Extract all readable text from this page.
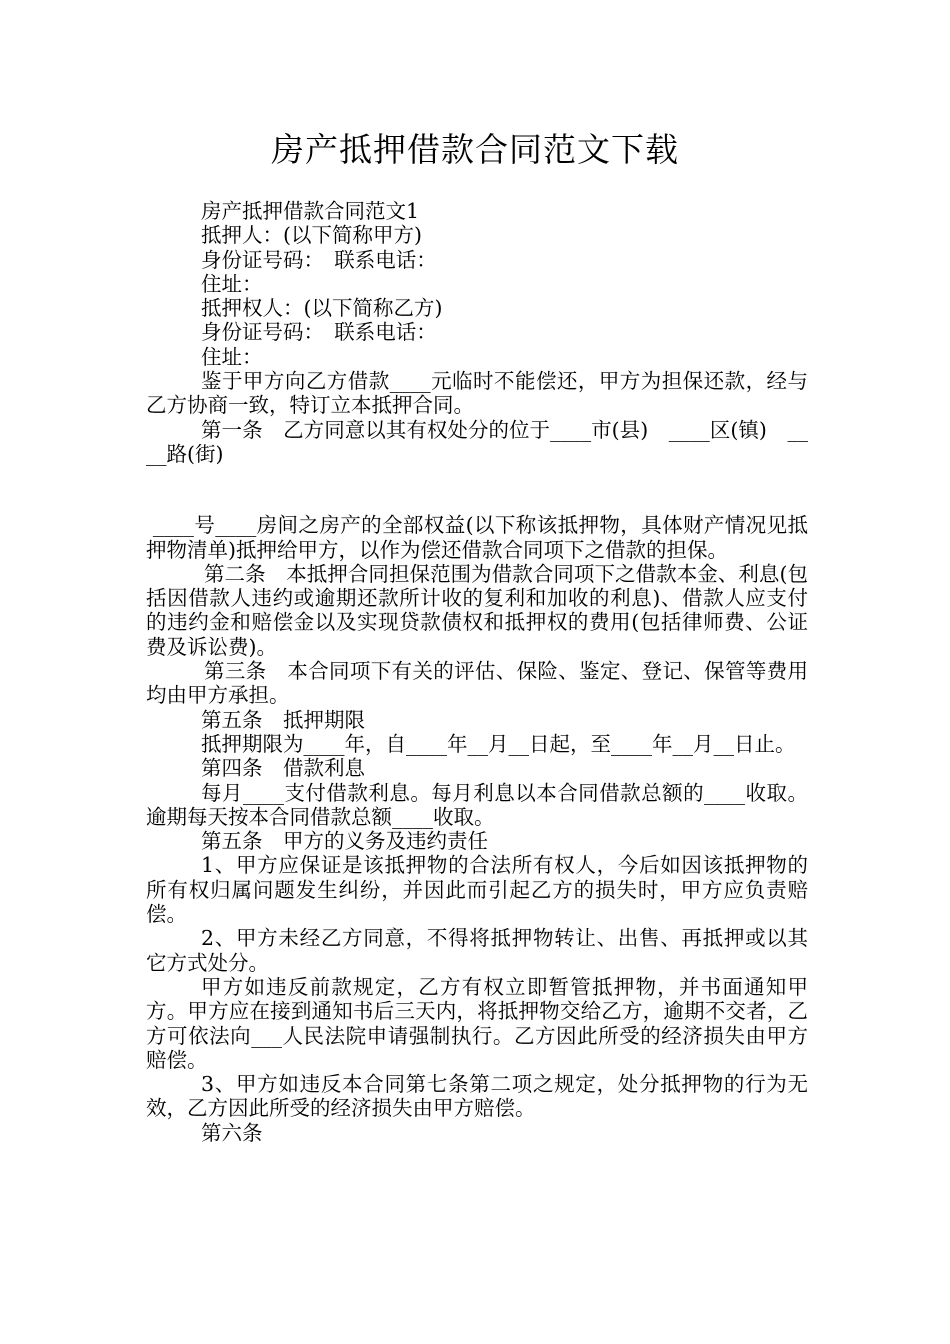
房产抵押借款合同范文下载

房产抵押借款合同范文1

抵押人：(以下简称甲方)

身份证号码：　联系电话：

住址：

抵押权人：(以下简称乙方)

身份证号码：　联系电话：

住址：

鉴于甲方向乙方借款____元临时不能偿还，甲方为担保还款，经与乙方协商一致，特订立本抵押合同。

第一条　乙方同意以其有权处分的位于____市(县)　____区(镇)　____路(街)

____号____房间之房产的全部权益(以下称该抵押物，具体财产情况见抵押物清单)抵押给甲方，以作为偿还借款合同项下之借款的担保。

第二条　本抵押合同担保范围为借款合同项下之借款本金、利息(包括因借款人违约或逾期还款所计收的复利和加收的利息)、借款人应支付的违约金和赔偿金以及实现贷款债权和抵押权的费用(包括律师费、公证费及诉讼费)。

第三条　本合同项下有关的评估、保险、鉴定、登记、保管等费用均由甲方承担。

第五条　抵押期限

抵押期限为____年，自____年__月__日起，至____年__月__日止。

第四条　借款利息

每月____支付借款利息。每月利息以本合同借款总额的____收取。逾期每天按本合同借款总额____收取。

第五条　甲方的义务及违约责任

1、甲方应保证是该抵押物的合法所有权人，今后如因该抵押物的所有权归属问题发生纠纷，并因此而引起乙方的损失时，甲方应负责赔偿。

2、甲方未经乙方同意，不得将抵押物转让、出售、再抵押或以其它方式处分。

甲方如违反前款规定，乙方有权立即暂管抵押物，并书面通知甲方。甲方应在接到通知书后三天内，将抵押物交给乙方，逾期不交者，乙方可依法向___人民法院申请强制执行。乙方因此所受的经济损失由甲方赔偿。

3、甲方如违反本合同第七条第二项之规定，处分抵押物的行为无效，乙方因此所受的经济损失由甲方赔偿。

第六条
